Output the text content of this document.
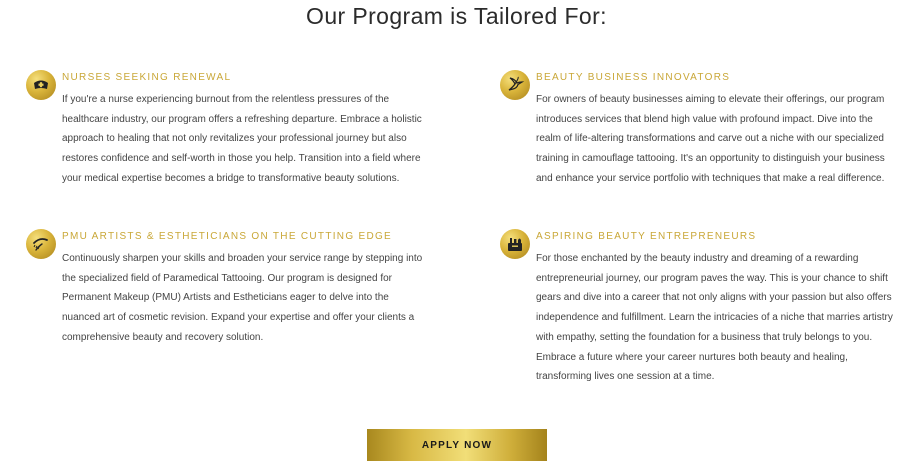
Our Program is Tailored For:
NURSES SEEKING RENEWAL

If you're a nurse experiencing burnout from the relentless pressures of the
healthcare industry, our program offers a refreshing departure. Embrace a holistic
approach to healing that not only revitalizes your professional journey but also
restores confidence and self-worth in those you help. Transition into a field where
your medical expertise becomes a bridge to transformative beauty solutions.

BEAUTY BUSINESS INNOVATORS

For owners of beauty businesses aiming to elevate their offerings, our program
introduces services that blend high value with profound impact. Dive into the
realm of life-altering transformations and carve out a niche with our specialized
training in camouflage tattooing. It's an opportunity to distinguish your business
and enhance your service portfolio with techniques that make a real difference.

PMU ARTISTS & ESTHETICIANS ON THE CUTTING EDGE

Continuously sharpen your skills and broaden your service range by stepping into
the specialized field of Paramedical Tattooing. Our program is designed for
Permanent Makeup (PMU) Artists and Estheticians eager to delve into the
nuanced art of cosmetic revision. Expand your expertise and offer your clients a
comprehensive beauty and recovery solution.

ASPIRING BEAUTY ENTREPRENEURS

For those enchanted by the beauty industry and dreaming of a rewarding
entrepreneurial journey, our program paves the way. This is your chance to shift
gears and dive into a career that not only aligns with your passion but also offers
independence and fulfillment. Learn the intricacies of a niche that marries artistry
with empathy, setting the foundation for a business that truly belongs to you.
Embrace a future where your career nurtures both beauty and healing,
transforming lives one session at a time.

APPLY NOW
